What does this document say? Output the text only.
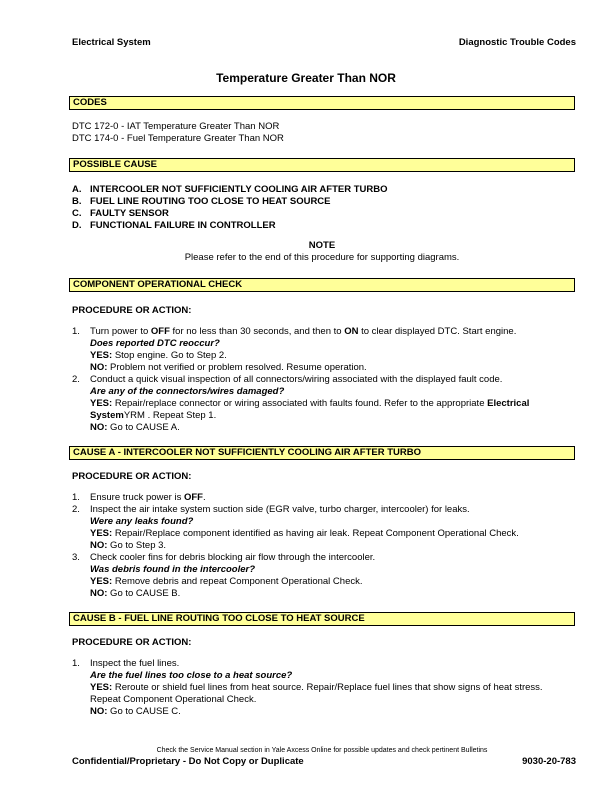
Electrical System	Diagnostic Trouble Codes
Temperature Greater Than NOR
CODES
DTC 172-0 - IAT Temperature Greater Than NOR
DTC 174-0 - Fuel Temperature Greater Than NOR
POSSIBLE CAUSE
A. INTERCOOLER NOT SUFFICIENTLY COOLING AIR AFTER TURBO
B. FUEL LINE ROUTING TOO CLOSE TO HEAT SOURCE
C. FAULTY SENSOR
D. FUNCTIONAL FAILURE IN CONTROLLER
NOTE
Please refer to the end of this procedure for supporting diagrams.
COMPONENT OPERATIONAL CHECK
PROCEDURE OR ACTION:
1. Turn power to OFF for no less than 30 seconds, and then to ON to clear displayed DTC. Start engine.
Does reported DTC reoccur?
YES: Stop engine. Go to Step 2.
NO: Problem not verified or problem resolved. Resume operation.
2. Conduct a quick visual inspection of all connectors/wiring associated with the displayed fault code.
Are any of the connectors/wires damaged?
YES: Repair/replace connector or wiring associated with faults found. Refer to the appropriate Electrical
SystemYRM . Repeat Step 1.
NO: Go to CAUSE A.
CAUSE A - INTERCOOLER NOT SUFFICIENTLY COOLING AIR AFTER TURBO
PROCEDURE OR ACTION:
1. Ensure truck power is OFF.
2. Inspect the air intake system suction side (EGR valve, turbo charger, intercooler) for leaks.
Were any leaks found?
YES: Repair/Replace component identified as having air leak. Repeat Component Operational Check.
NO: Go to Step 3.
3. Check cooler fins for debris blocking air flow through the intercooler.
Was debris found in the intercooler?
YES: Remove debris and repeat Component Operational Check.
NO: Go to CAUSE B.
CAUSE B - FUEL LINE ROUTING TOO CLOSE TO HEAT SOURCE
PROCEDURE OR ACTION:
1. Inspect the fuel lines.
Are the fuel lines too close to a heat source?
YES: Reroute or shield fuel lines from heat source. Repair/Replace fuel lines that show signs of heat stress.
Repeat Component Operational Check.
NO: Go to CAUSE C.
Check the Service Manual section in Yale Axcess Online for possible updates and check pertinent Bulletins
Confidential/Proprietary - Do Not Copy or Duplicate	9030-20-783
